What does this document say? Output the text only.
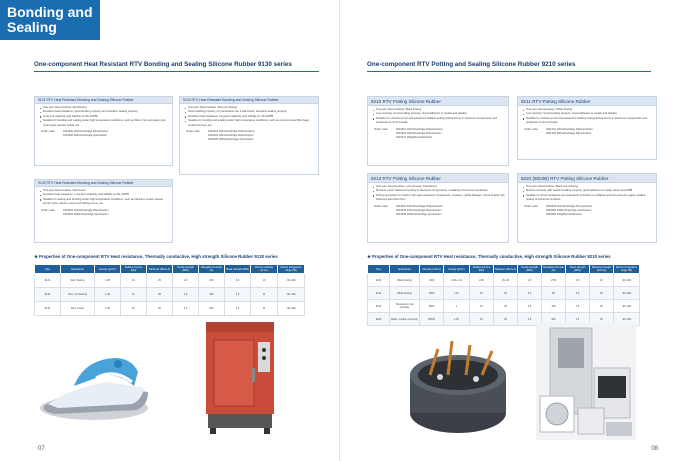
Bonding and
Sealing
One-component Heat Resistant RTV Bonding and Sealing Silicone Rubber 9130 series
9131 RTV Heat Resistant Bonding and Sealing Silicone Rubber
One-part, Deoxime/free, Red flowing
Excellent heat resistance, good bonding property and excellent sealing property
Long time elasticity and stability at -60~260℃
Suitable for bonding and sealing under high temperature conditions, such as filters, hot mold glass pots, motorcycle cylinder heads, etc.
Order code:	9131100 100ml/Cartridge 25pcs/Carton
9131300 300ml/Cartridge 4pcs/Carton
9132 RTV Heat Resistant Bonding and Sealing Silicone Rubber
One-part, Deoxime/free, Red non-flowing
Good molding property, for penetration into small cracks, Excellent sealing property
Excellent heat resistance, long-term elasticity and stability at -60~260℃
Suitable for bonding and sealing under high temperature conditions, such as environmental filter bags, metal chimneys, etc.
Order code:	9132001 100ml/Cartridge 100pcs/Carton
9132004 300ml/Cartridge 25pcs/Carton
9132005 3000ml/Cartridge 4pcs/Carton
9133 RTV Heat Resistant Bonding and Sealing Silicone Rubber
One-part, Deoxime/free, Red cream
Excellent heat resistance, Long term elasticity and stability at -60~260℃
Suitable for sealing and bonding under high temperature conditions, such as induction cooker panels, electric irons, electric ovens and baking ovens, etc.
Order code:	9133004 310ml/Cartridge 25pcs/Carton
9133005 2600ml/Cartridge 4pcs/Carton
★ Properties of One-component RTV Heat resistance, Thermally conductive, High strength Silicone Rubber 9130 series
Type	Appearance	Density (g/cm³)	Surface dry time (Min)	Hardness (Shore A)	Tensile strength (MPa)	Elongation at break (%)	Shear strength (MPa)	Volume resistivity (Ω·cm)	Service temperature range (℃)
9131	Red, flowing	1.38	10	25	2.5	200	3.0	10	-60~260
9132	Red, non-flowing	1.36	10	35	1.8	180	2.5	11	-60~260
9133	Red, cream	1.30	10	30	2.0	200	2.3	11	-60~260
07
One-component RTV Potting and Sealing Silicone Rubber 9210 series
9210 RTV Potting Silicone Rubber
One-part, Deoxime/free, Black flowing
Low viscosity, Good levelling property, Good adhesion to metals and plastics
Suitable for moisture-proof and waterproof shallow potting (below 6mm) in electronic components and protection of circuit boards
Order code:	9210001 100ml/Cartridge 100pcs/Carton
9210004 300ml/Cartridge 25pcs/Carton
9210047 18kg/Pail 1pail/Carton
9211 RTV Potting Silicone Rubber
One-part, Decolouration, White flowing
Low viscosity, Good levelling property, Good adhesion to metals and plastics
Suitable for moisture-proof and waterproof shallow potting (below 6mm) in electronic components and protection of circuit boards
Order code:	9211001 100ml/Cartridge 100pcs/Carton
9211300 300ml/Cartridge 25pcs/Carton
9212 RTV Potting Silicone Rubber
One-part, Deoxime/free, Low viscosity, Translucent
Moisture-proof, waterproof potting to electronic components, insulating circuit board protection
Potting protection for small or thin layer electronic components, modules, optical displays, circuit boards with thickness less than 6mm
Order code:	9212001 100ml/Cartridge 100pcs/Carton
9212004 310ml/Cartridge 25pcs/Carton
9212005 2600ml/Cartridge 4pcs/Carton
9220 (9022B) RTV Potting Silicone Rubber
One-part, Deoxime/free, Black semi-flowing
Medium viscosity with certain levelling property, good adhesion to metal, plastic and PWB
Suitable for shock resistance and waterproof protection to radiators and low pressure pages, shallow potting of electronic products
Order code:	9220004 310ml/Cartridge 25 pcs/Carton
9220005 2600ml/Cartridge 4pcs/Carton
9220006 18kg/Pail 1Pail/carton
★ Properties of One-component RTV Heat resistance, Thermally conductive, High strength Silicone Rubber 9210 series
Type	Appearance	Viscosity (mPa·s)	Density (g/cm³)	Surface dry time (Min)	Hardness (Shore A)	Tensile strength (MPa)	Elongation at break (%)	Shear strength (MPa)	Dielectric strength (kV/mm)	Service temperature range (℃)
9210	Black flowing	1300	1.08~1.10	2.00	25~30	2.8	≥750	0.8	16	-60~180
9211	White flowing	4500	1.16	15	30	2.0	80	0.5	20	-60~180
9212	Translucent, low viscosity	3500	1	15	30	2.5	150	1.5	20	-60~180
9220	Black, medium viscosity	25000	1.18	15	30	0.5	425	1.5	18	-60~180
08
